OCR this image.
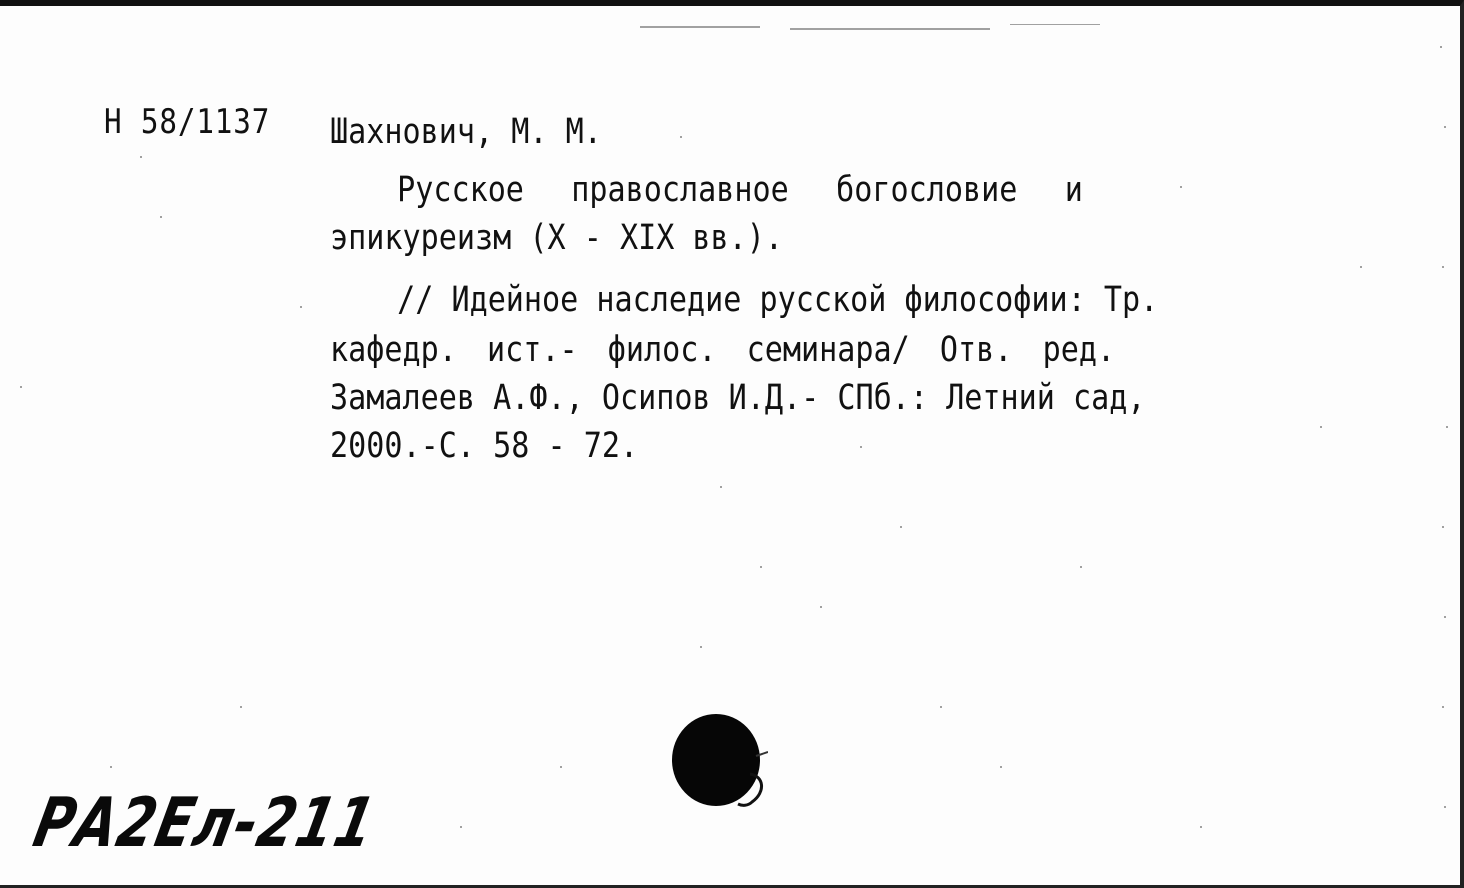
Н 58/1137 Шахнович, М. М.
Русское православное богословие и
эпикуреизм (X - XIX вв.).
// Идейное наследие русской философии: Тр.
кафедр. ист.- филос. семинара/ Отв. ред.
Замалеев А.Ф., Осипов И.Д.- СПб.: Летний сад,
2000.-С. 58 - 72.
РА2Ел-211
